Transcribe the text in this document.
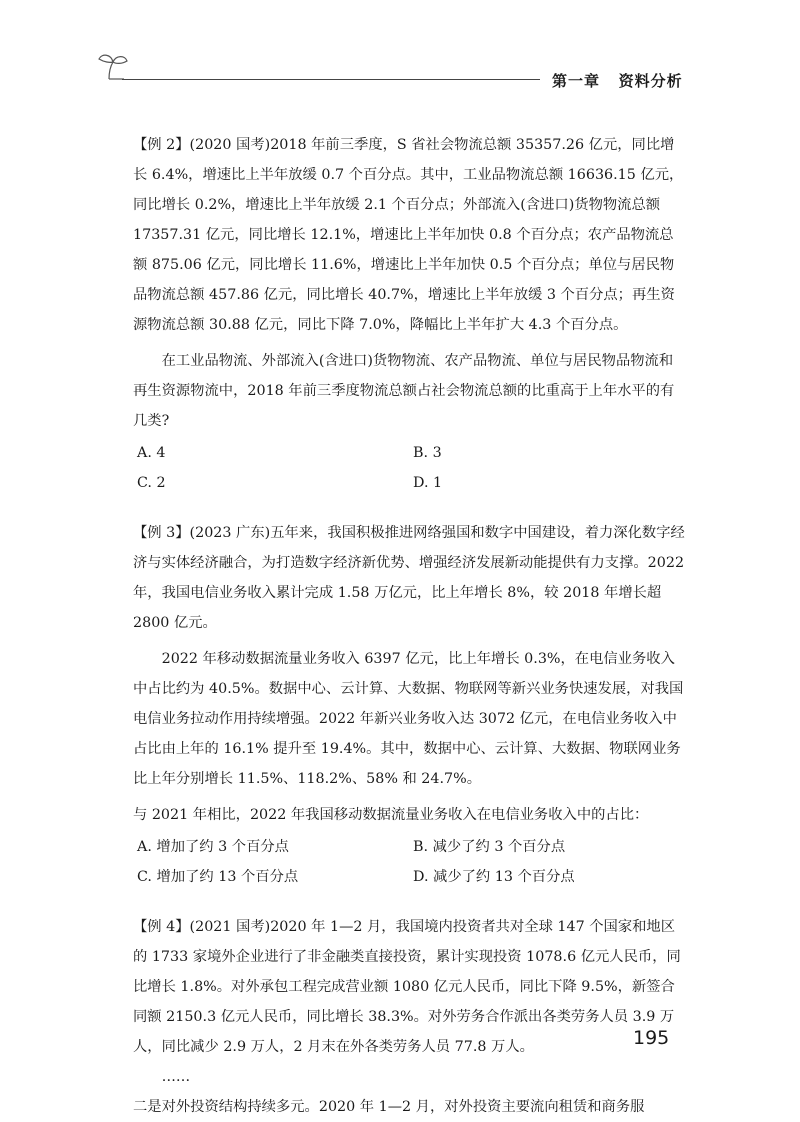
第一章   资料分析

【例 2】(2020 国考)2018 年前三季度，S 省社会物流总额 35357.26 亿元，同比增长 6.4%，增速比上半年放缓 0.7 个百分点。其中，工业品物流总额 16636.15 亿元，同比增长 0.2%，增速比上半年放缓 2.1 个百分点；外部流入(含进口)货物物流总额 17357.31 亿元，同比增长 12.1%，增速比上半年加快 0.8 个百分点；农产品物流总额 875.06 亿元，同比增长 11.6%，增速比上半年加快 0.5 个百分点；单位与居民物品物流总额 457.86 亿元，同比增长 40.7%，增速比上半年放缓 3 个百分点；再生资源物流总额 30.88 亿元，同比下降 7.0%，降幅比上半年扩大 4.3 个百分点。

在工业品物流、外部流入(含进口)货物物流、农产品物流、单位与居民物品物流和再生资源物流中，2018 年前三季度物流总额占社会物流总额的比重高于上年水平的有几类?

A. 4	B. 3
C. 2	D. 1

【例 3】(2023 广东)五年来，我国积极推进网络强国和数字中国建设，着力深化数字经济与实体经济融合，为打造数字经济新优势、增强经济发展新动能提供有力支撑。2022 年，我国电信业务收入累计完成 1.58 万亿元，比上年增长 8%，较 2018 年增长超 2800 亿元。

2022 年移动数据流量业务收入 6397 亿元，比上年增长 0.3%，在电信业务收入中占比约为 40.5%。数据中心、云计算、大数据、物联网等新兴业务快速发展，对我国电信业务拉动作用持续增强。2022 年新兴业务收入达 3072 亿元，在电信业务收入中占比由上年的 16.1% 提升至 19.4%。其中，数据中心、云计算、大数据、物联网业务比上年分别增长 11.5%、118.2%、58% 和 24.7%。

与 2021 年相比，2022 年我国移动数据流量业务收入在电信业务收入中的占比：

A. 增加了约 3 个百分点	B. 减少了约 3 个百分点
C. 增加了约 13 个百分点	D. 减少了约 13 个百分点

【例 4】(2021 国考)2020 年 1—2 月，我国境内投资者共对全球 147 个国家和地区的 1733 家境外企业进行了非金融类直接投资，累计实现投资 1078.6 亿元人民币，同比增长 1.8%。对外承包工程完成营业额 1080 亿元人民币，同比下降 9.5%，新签合同额 2150.3 亿元人民币，同比增长 38.3%。对外劳务合作派出各类劳务人员 3.9 万人，同比减少 2.9 万人，2 月末在外各类劳务人员 77.8 万人。

……

二是对外投资结构持续多元。2020 年 1—2 月，对外投资主要流向租赁和商务服

195
